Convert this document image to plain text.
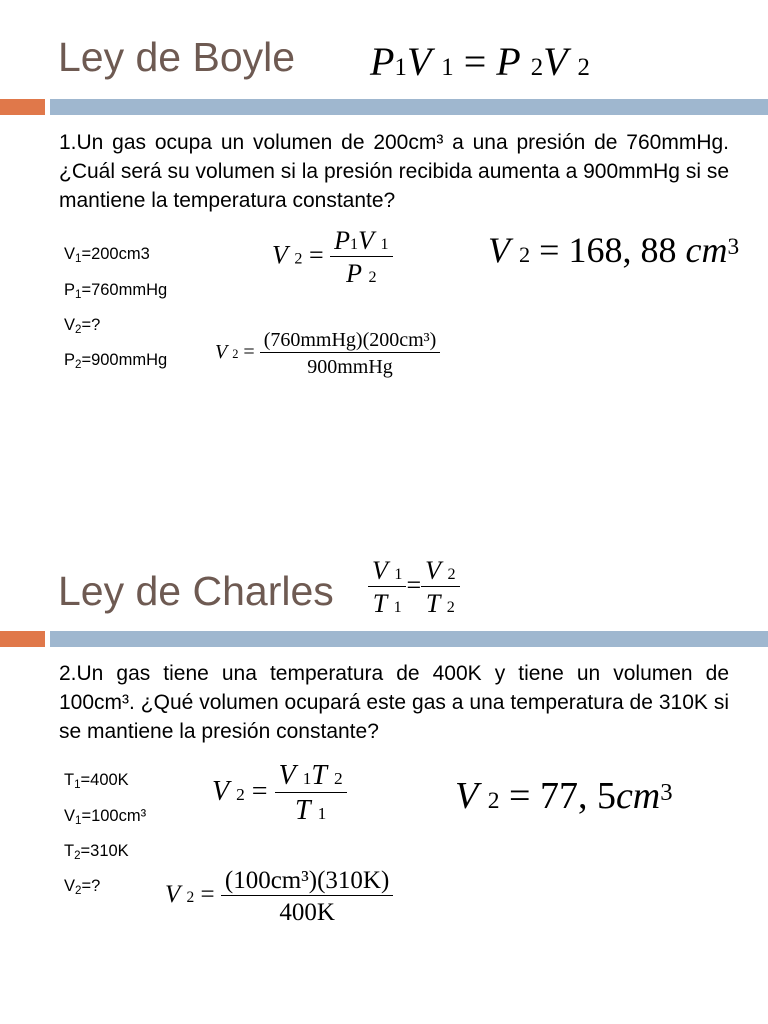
Ley de Boyle P1V 1 = P 2V 2

1.Un gas ocupa un volumen de 200cm³ a una presión de 760mmHg. ¿Cuál será su volumen si la presión recibida aumenta a 900mmHg si se mantiene la temperatura constante?

$V_1=200cm3$
$P_1=760mmHg$
$V_2=$?
$P_2=900mmHg$
V $2 = \frac{P1V 1}{P 2}$	V 2 = 168, 88 $cm^3$
V $2 = \frac{\text{(760mmHg)(200cm³)}}{\text{900mmHg}}$
Ley de Charles $\frac{V 1}{T 1} = \frac{V 2}{T 2}$

2.Un gas tiene una temperatura de 400K y tiene un volumen de 100cm³. ¿Qué volumen ocupará este gas a una temperatura de 310K si se mantiene la presión constante?

$T_1=400K$
$V_1=100cm^3$
$T_2=310K$
$V_2=$?
V $2 = \frac{V 1T 2}{T 1}$	V 2 = 77, $5cm^3$
V $2 = \frac{\text{(100cm³)(310K)}}{400K}$
